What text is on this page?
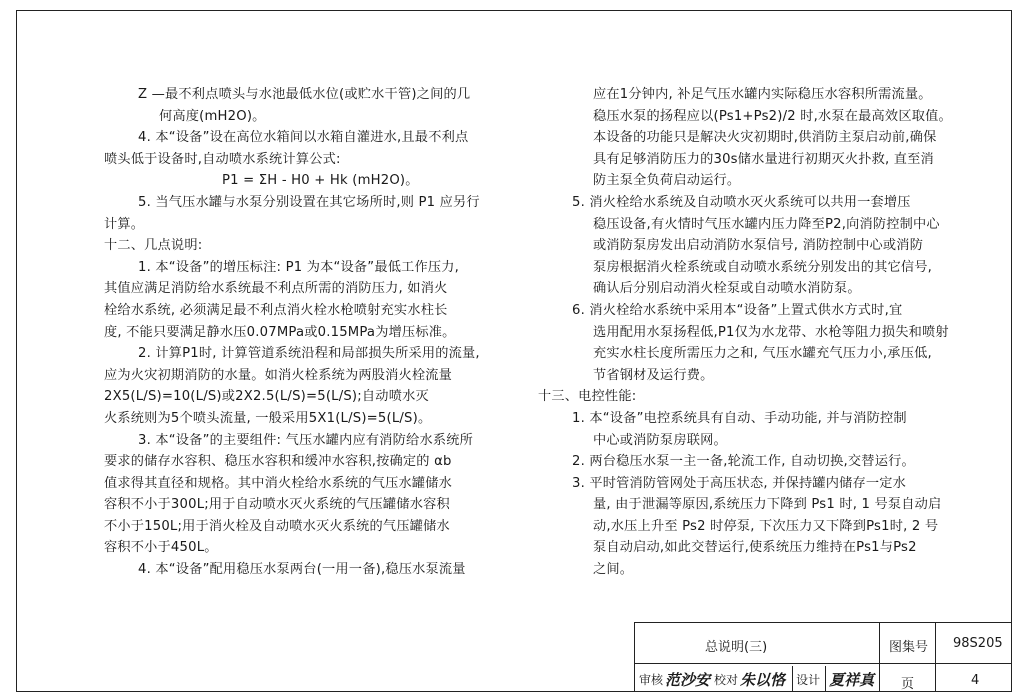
Z —最不利点喷头与水池最低水位(或贮水干管)之间的几
何高度(mH2O)。
4. 本“设备”设在高位水箱间以水箱自灌进水,且最不利点
喷头低于设备时,自动喷水系统计算公式:
P1 = ΣH - H0 + Hk (mH2O)。
5. 当气压水罐与水泵分别设置在其它场所时,则 P1 应另行
计算。
十二、几点说明:
1. 本“设备”的增压标注: P1 为本“设备”最低工作压力,
其值应满足消防给水系统最不利点所需的消防压力, 如消火
栓给水系统, 必须满足最不利点消火栓水枪喷射充实水柱长
度, 不能只要满足静水压0.07MPa或0.15MPa为增压标准。
2. 计算P1时, 计算管道系统沿程和局部损失所采用的流量,
应为火灾初期消防的水量。如消火栓系统为两股消火栓流量
2X5(L/S)=10(L/S)或2X2.5(L/S)=5(L/S);自动喷水灭
火系统则为5个喷头流量, 一般采用5X1(L/S)=5(L/S)。
3. 本“设备”的主要组件: 气压水罐内应有消防给水系统所
要求的储存水容积、稳压水容积和缓冲水容积,按确定的 αb
值求得其直径和规格。其中消火栓给水系统的气压水罐储水
容积不小于300L;用于自动喷水灭火系统的气压罐储水容积
不小于150L;用于消火栓及自动喷水灭火系统的气压罐储水
容积不小于450L。
4. 本“设备”配用稳压水泵两台(一用一备),稳压水泵流量
应在1分钟内, 补足气压水罐内实际稳压水容积所需流量。
稳压水泵的扬程应以(Ps1+Ps2)/2 时,水泵在最高效区取值。
本设备的功能只是解决火灾初期时,供消防主泵启动前,确保
具有足够消防压力的30s储水量进行初期灭火扑救, 直至消
防主泵全负荷启动运行。
5. 消火栓给水系统及自动喷水灭火系统可以共用一套增压
稳压设备,有火情时气压水罐内压力降至P2,向消防控制中心
或消防泵房发出启动消防水泵信号, 消防控制中心或消防
泵房根据消火栓系统或自动喷水系统分别发出的其它信号,
确认后分别启动消火栓泵或自动喷水消防泵。
6. 消火栓给水系统中采用本“设备”上置式供水方式时,宜
选用配用水泵扬程低,P1仅为水龙带、水枪等阻力损失和喷射
充实水柱长度所需压力之和, 气压水罐充气压力小,承压低,
节省钢材及运行费。
十三、电控性能:
1. 本“设备”电控系统具有自动、手动功能, 并与消防控制
中心或消防泵房联网。
2. 两台稳压水泵一主一备,轮流工作, 自动切换,交替运行。
3. 平时管消防管网处于高压状态, 并保持罐内储存一定水
量, 由于泄漏等原因,系统压力下降到 Ps1 时, 1 号泵自动启
动,水压上升至 Ps2 时停泵, 下次压力又下降到Ps1时, 2 号
泵自动启动,如此交替运行,使系统压力维持在Ps1与Ps2
之间。
总说明(三)	图集号 98S205
页	4
审核 范沙安 校对 朱以恪 设计 夏祥真
